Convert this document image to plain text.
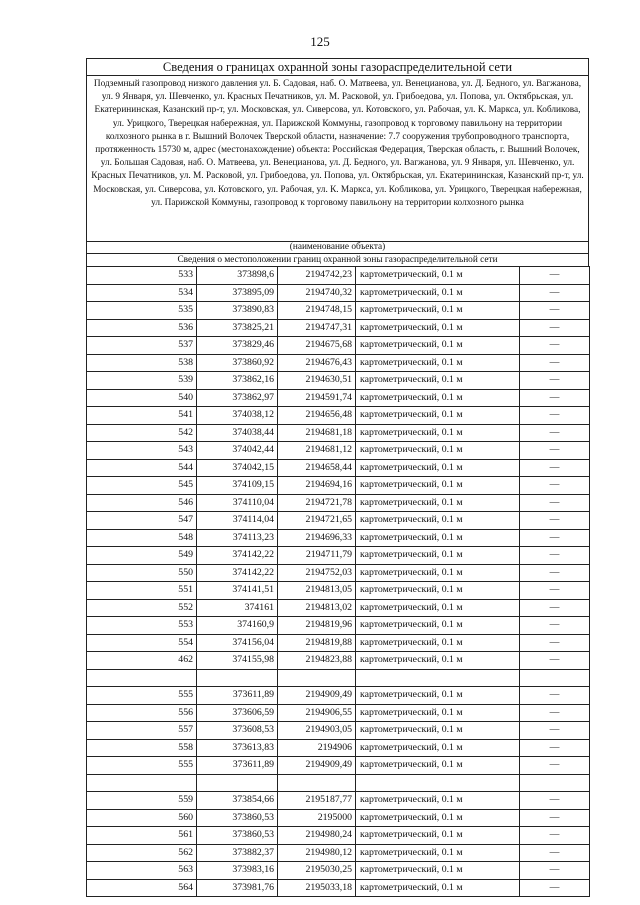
125
Сведения о границах охранной зоны газораспределительной сети
Подземный газопровод низкого давления ул. Б. Садовая, наб. О. Матвеева, ул. Венецианова, ул. Д. Бедного, ул. Вагжанова, ул. 9 Января, ул. Шевченко, ул. Красных Печатников, ул. М. Расковой, ул. Грибоедова, ул. Попова, ул. Октябрьская, ул. Екатерининская, Казанский пр-т, ул. Московская, ул. Сиверсова, ул. Котовского, ул. Рабочая, ул. К. Маркса, ул. Кобликова, ул. Урицкого, Тверецкая набережная, ул. Парижской Коммуны, газопровод к торговому павильону на территории колхозного рынка в г. Вышний Волочек Тверской области, назначение: 7.7 сооружения трубопроводного транспорта, протяженность 15730 м, адрес (местонахождение) объекта: Российская Федерация, Тверская область, г. Вышний Волочек, ул. Большая Садовая, наб. О. Матвеева, ул. Венецианова, ул. Д. Бедного, ул. Вагжанова, ул. 9 Января, ул. Шевченко, ул. Красных Печатников, ул. М. Расковой, ул. Грибоедова, ул. Попова, ул. Октябрьская, ул. Екатерининская, Казанский пр-т, ул. Московская, ул. Сиверсова, ул. Котовского, ул. Рабочая, ул. К. Маркса, ул. Кобликова, ул. Урицкого, Тверецкая набережная, ул. Парижской Коммуны, газопровод к торговому павильону на территории колхозного рынка
(наименование объекта)
Сведения о местоположении границ охранной зоны газораспределительной сети
533	373898,6	2194742,23	картометрический, 0.1 м	—
534	373895,09	2194740,32	картометрический, 0.1 м	—
535	373890,83	2194748,15	картометрический, 0.1 м	—
536	373825,21	2194747,31	картометрический, 0.1 м	—
537	373829,46	2194675,68	картометрический, 0.1 м	—
538	373860,92	2194676,43	картометрический, 0.1 м	—
539	373862,16	2194630,51	картометрический, 0.1 м	—
540	373862,97	2194591,74	картометрический, 0.1 м	—
541	374038,12	2194656,48	картометрический, 0.1 м	—
542	374038,44	2194681,18	картометрический, 0.1 м	—
543	374042,44	2194681,12	картометрический, 0.1 м	—
544	374042,15	2194658,44	картометрический, 0.1 м	—
545	374109,15	2194694,16	картометрический, 0.1 м	—
546	374110,04	2194721,78	картометрический, 0.1 м	—
547	374114,04	2194721,65	картометрический, 0.1 м	—
548	374113,23	2194696,33	картометрический, 0.1 м	—
549	374142,22	2194711,79	картометрический, 0.1 м	—
550	374142,22	2194752,03	картометрический, 0.1 м	—
551	374141,51	2194813,05	картометрический, 0.1 м	—
552	374161	2194813,02	картометрический, 0.1 м	—
553	374160,9	2194819,96	картометрический, 0.1 м	—
554	374156,04	2194819,88	картометрический, 0.1 м	—
462	374155,98	2194823,88	картометрический, 0.1 м	—

555	373611,89	2194909,49	картометрический, 0.1 м	—
556	373606,59	2194906,55	картометрический, 0.1 м	—
557	373608,53	2194903,05	картометрический, 0.1 м	—
558	373613,83	2194906	картометрический, 0.1 м	—
555	373611,89	2194909,49	картометрический, 0.1 м	—

559	373854,66	2195187,77	картометрический, 0.1 м	—
560	373860,53	2195000	картометрический, 0.1 м	—
561	373860,53	2194980,24	картометрический, 0.1 м	—
562	373882,37	2194980,12	картометрический, 0.1 м	—
563	373983,16	2195030,25	картометрический, 0.1 м	—
564	373981,76	2195033,18	картометрический, 0.1 м	—
